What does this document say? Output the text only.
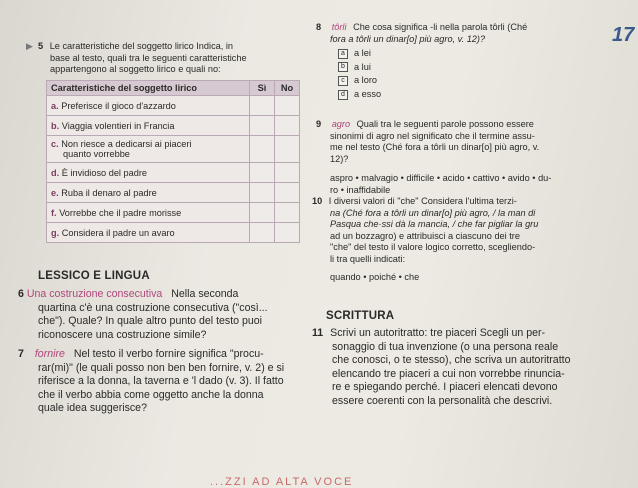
17
▶ 5 Le caratteristiche del soggetto lirico Indica, in
base al testo, quali tra le seguenti caratteristiche
appartengono al soggetto lirico e quali no:
Caratteristiche del soggetto lirico	Sì	No
a. Preferisce il gioco d'azzardo		
b. Viaggia volentieri in Francia		

c. Non riesce a dedicarsi ai piaceri
quanto vorrebbe		

d. È invidioso del padre		
e. Ruba il denaro al padre		
f. Vorrebbe che il padre morisse		
g. Considera il padre un avaro		
LESSICO E LINGUA
6 Una costruzione consecutiva Nella seconda
quartina c'è una costruzione consecutiva ("così...
che"). Quale? In quale altro punto del testo puoi
riconoscere una costruzione simile?
7 fornire Nel testo il verbo fornire significa "procu-
rar(mi)" (le quali posso non ben ben fornire, v. 2) e si
riferisce a la donna, la taverna e 'l dado (v. 3). Il fatto
che il verbo abbia come oggetto anche la donna
quale idea suggerisce?
8 tôrli Che cosa significa -li nella parola tôrli (Ché
fora a tôrli un dinar[o] più agro, v. 12)?
a a lei
b a lui
c	a loro
d a esso
9 agro Quali tra le seguenti parole possono essere
sinonimi di agro nel significato che il termine assu-
me nel testo (Ché fora a tôrli un dinar[o] più agro, v.
12)?
aspro • malvagio • difficile • acido • cattivo • avido • du-
ro • inaffidabile
10 I diversi valori di "che" Considera l'ultima terzi-
na (Ché fora a tôrli un dinar[o] più agro, / la man di
Pasqua che·ssi dà la mancia, / che far pigliar la gru
ad un bozzagro) e attribuisci a ciascuno dei tre
"che" del testo il valore logico corretto, scegliendo-
li tra quelli indicati:
quando • poiché • che
SCRITTURA
11 Scrivi un autoritratto: tre piaceri Scegli un per-
sonaggio di tua invenzione (o una persona reale
che conosci, o te stesso), che scriva un autoritratto
elencando tre piaceri a cui non vorrebbe rinuncia-
re e spiegando perché. I piaceri elencati devono
essere coerenti con la personalità che descrivi.
...ZZI AD ALTA VOCE
